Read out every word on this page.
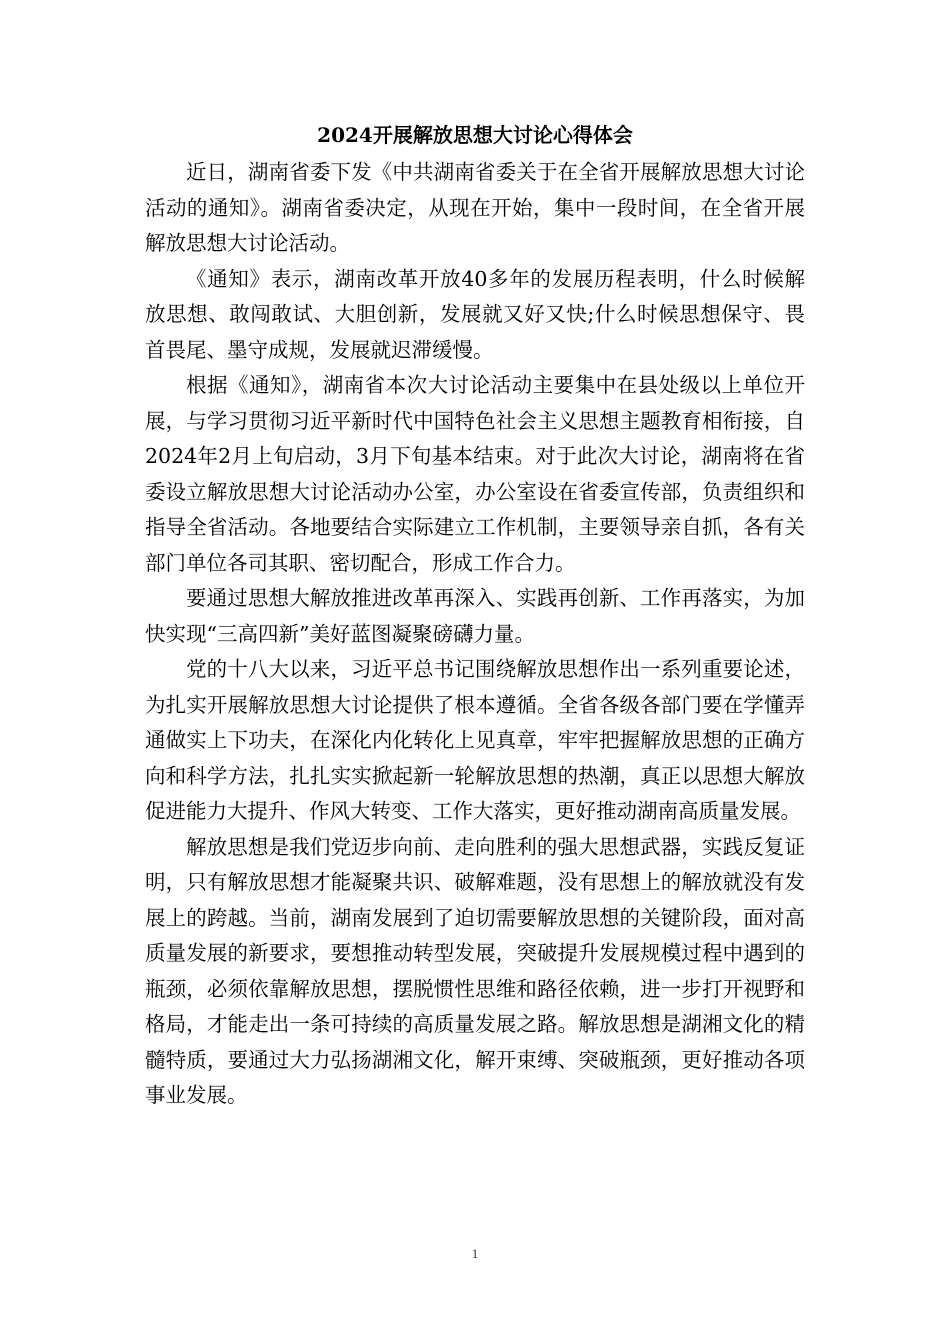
2024开展解放思想大讨论心得体会

近日，湖南省委下发《中共湖南省委关于在全省开展解放思想大讨论活动的通知》。湖南省委决定，从现在开始，集中一段时间，在全省开展解放思想大讨论活动。

《通知》表示，湖南改革开放40多年的发展历程表明，什么时候解放思想、敢闯敢试、大胆创新，发展就又好又快;什么时候思想保守、畏首畏尾、墨守成规，发展就迟滞缓慢。

根据《通知》，湖南省本次大讨论活动主要集中在县处级以上单位开展，与学习贯彻习近平新时代中国特色社会主义思想主题教育相衔接，自2024年2月上旬启动，3月下旬基本结束。对于此次大讨论，湖南将在省委设立解放思想大讨论活动办公室，办公室设在省委宣传部，负责组织和指导全省活动。各地要结合实际建立工作机制，主要领导亲自抓，各有关部门单位各司其职、密切配合，形成工作合力。

要通过思想大解放推进改革再深入、实践再创新、工作再落实，为加快实现“三高四新”美好蓝图凝聚磅礴力量。

党的十八大以来，习近平总书记围绕解放思想作出一系列重要论述，为扎实开展解放思想大讨论提供了根本遵循。全省各级各部门要在学懂弄通做实上下功夫，在深化内化转化上见真章，牢牢把握解放思想的正确方向和科学方法，扎扎实实掀起新一轮解放思想的热潮，真正以思想大解放促进能力大提升、作风大转变、工作大落实，更好推动湖南高质量发展。

解放思想是我们党迈步向前、走向胜利的强大思想武器，实践反复证明，只有解放思想才能凝聚共识、破解难题，没有思想上的解放就没有发展上的跨越。当前，湖南发展到了迫切需要解放思想的关键阶段，面对高质量发展的新要求，要想推动转型发展，突破提升发展规模过程中遇到的瓶颈，必须依靠解放思想，摆脱惯性思维和路径依赖，进一步打开视野和格局，才能走出一条可持续的高质量发展之路。解放思想是湖湘文化的精髓特质，要通过大力弘扬湖湘文化，解开束缚、突破瓶颈，更好推动各项事业发展。

1
